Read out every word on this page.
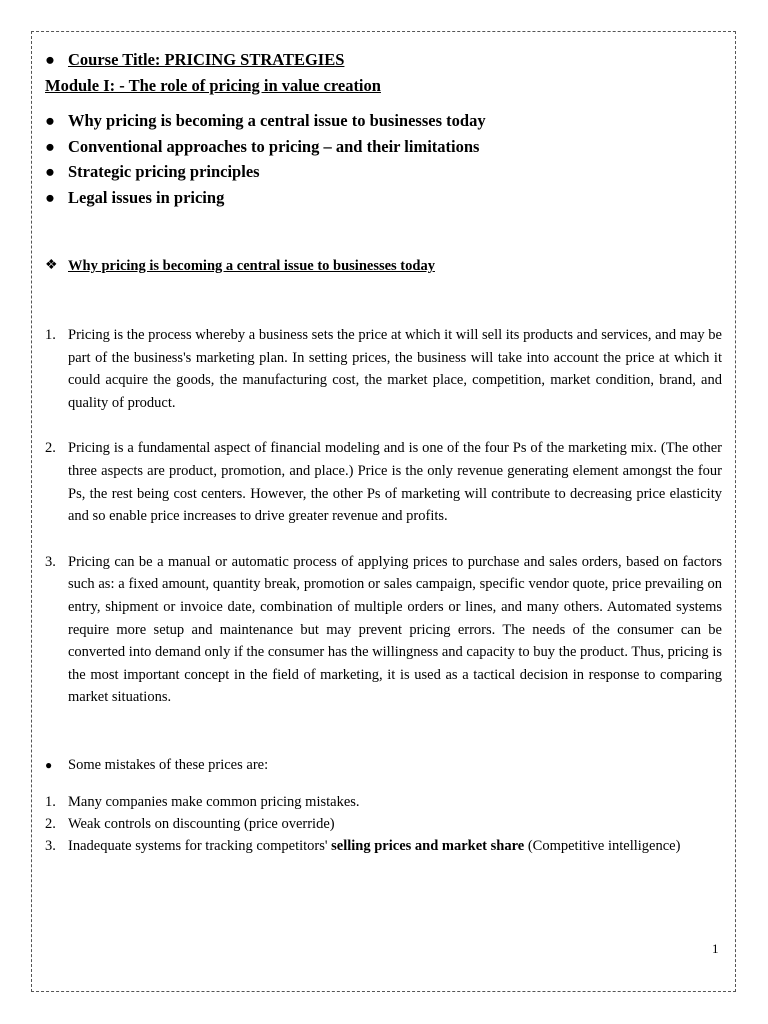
● Course Title: PRICING STRATEGIES

Module I: - The role of pricing in value creation

● Why pricing is becoming a central issue to businesses today
● Conventional approaches to pricing – and their limitations
● Strategic pricing principles
● Legal issues in pricing

❖ Why pricing is becoming a central issue to businesses today

1. Pricing is the process whereby a business sets the price at which it will sell its products and services, and may be part of the business's marketing plan. In setting prices, the business will take into account the price at which it could acquire the goods, the manufacturing cost, the market place, competition, market condition, brand, and quality of product.
2. Pricing is a fundamental aspect of financial modeling and is one of the four Ps of the marketing mix. (The other three aspects are product, promotion, and place.) Price is the only revenue generating element amongst the four Ps, the rest being cost centers. However, the other Ps of marketing will contribute to decreasing price elasticity and so enable price increases to drive greater revenue and profits.
3. Pricing can be a manual or automatic process of applying prices to purchase and sales orders, based on factors such as: a fixed amount, quantity break, promotion or sales campaign, specific vendor quote, price prevailing on entry, shipment or invoice date, combination of multiple orders or lines, and many others. Automated systems require more setup and maintenance but may prevent pricing errors. The needs of the consumer can be converted into demand only if the consumer has the willingness and capacity to buy the product. Thus, pricing is the most important concept in the field of marketing, it is used as a tactical decision in response to comparing market situations.

●	Some mistakes of these prices are:

1. Many companies make common pricing mistakes.
2. Weak controls on discounting (price override)
3. Inadequate systems for tracking competitors' selling prices and market share (Competitive intelligence)
1
